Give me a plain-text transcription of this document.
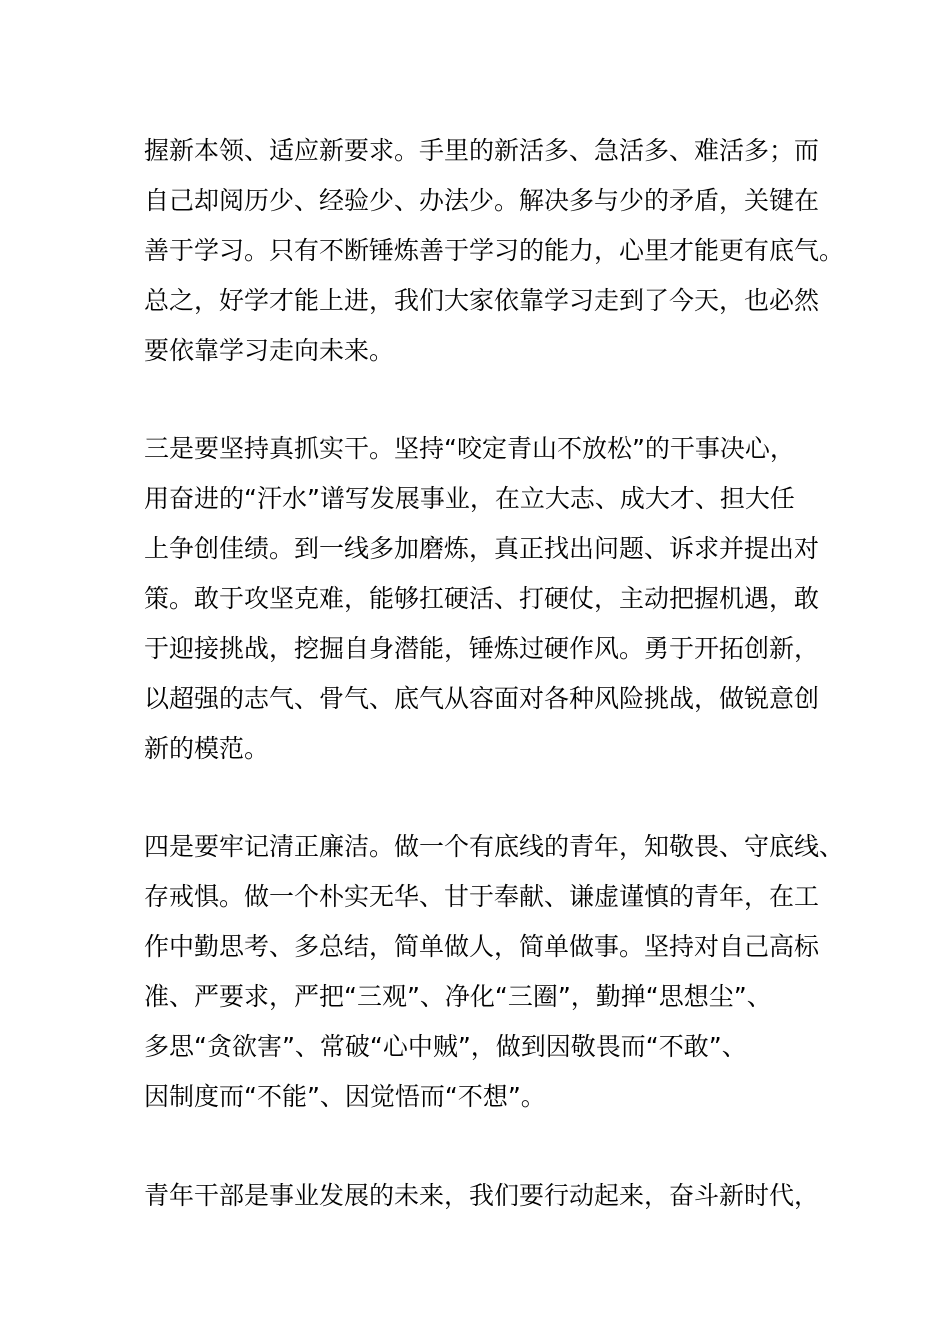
握新本领、适应新要求。手里的新活多、急活多、难活多；而
自己却阅历少、经验少、办法少。解决多与少的矛盾，关键在
善于学习。只有不断锤炼善于学习的能力，心里才能更有底气。
总之，好学才能上进，我们大家依靠学习走到了今天，也必然
要依靠学习走向未来。
三是要坚持真抓实干。坚持“咬定青山不放松”的干事决心，
用奋进的“汗水”谱写发展事业，在立大志、成大才、担大任
上争创佳绩。到一线多加磨炼，真正找出问题、诉求并提出对
策。敢于攻坚克难，能够扛硬活、打硬仗，主动把握机遇，敢
于迎接挑战，挖掘自身潜能，锤炼过硬作风。勇于开拓创新，
以超强的志气、骨气、底气从容面对各种风险挑战，做锐意创
新的模范。
四是要牢记清正廉洁。做一个有底线的青年，知敬畏、守底线、
存戒惧。做一个朴实无华、甘于奉献、谦虚谨慎的青年，在工
作中勤思考、多总结，简单做人，简单做事。坚持对自己高标
准、严要求，严把“三观”、净化“三圈”，勤掸“思想尘”、
多思“贪欲害”、常破“心中贼”，做到因敬畏而“不敢”、
因制度而“不能”、因觉悟而“不想”。
青年干部是事业发展的未来，我们要行动起来，奋斗新时代，
